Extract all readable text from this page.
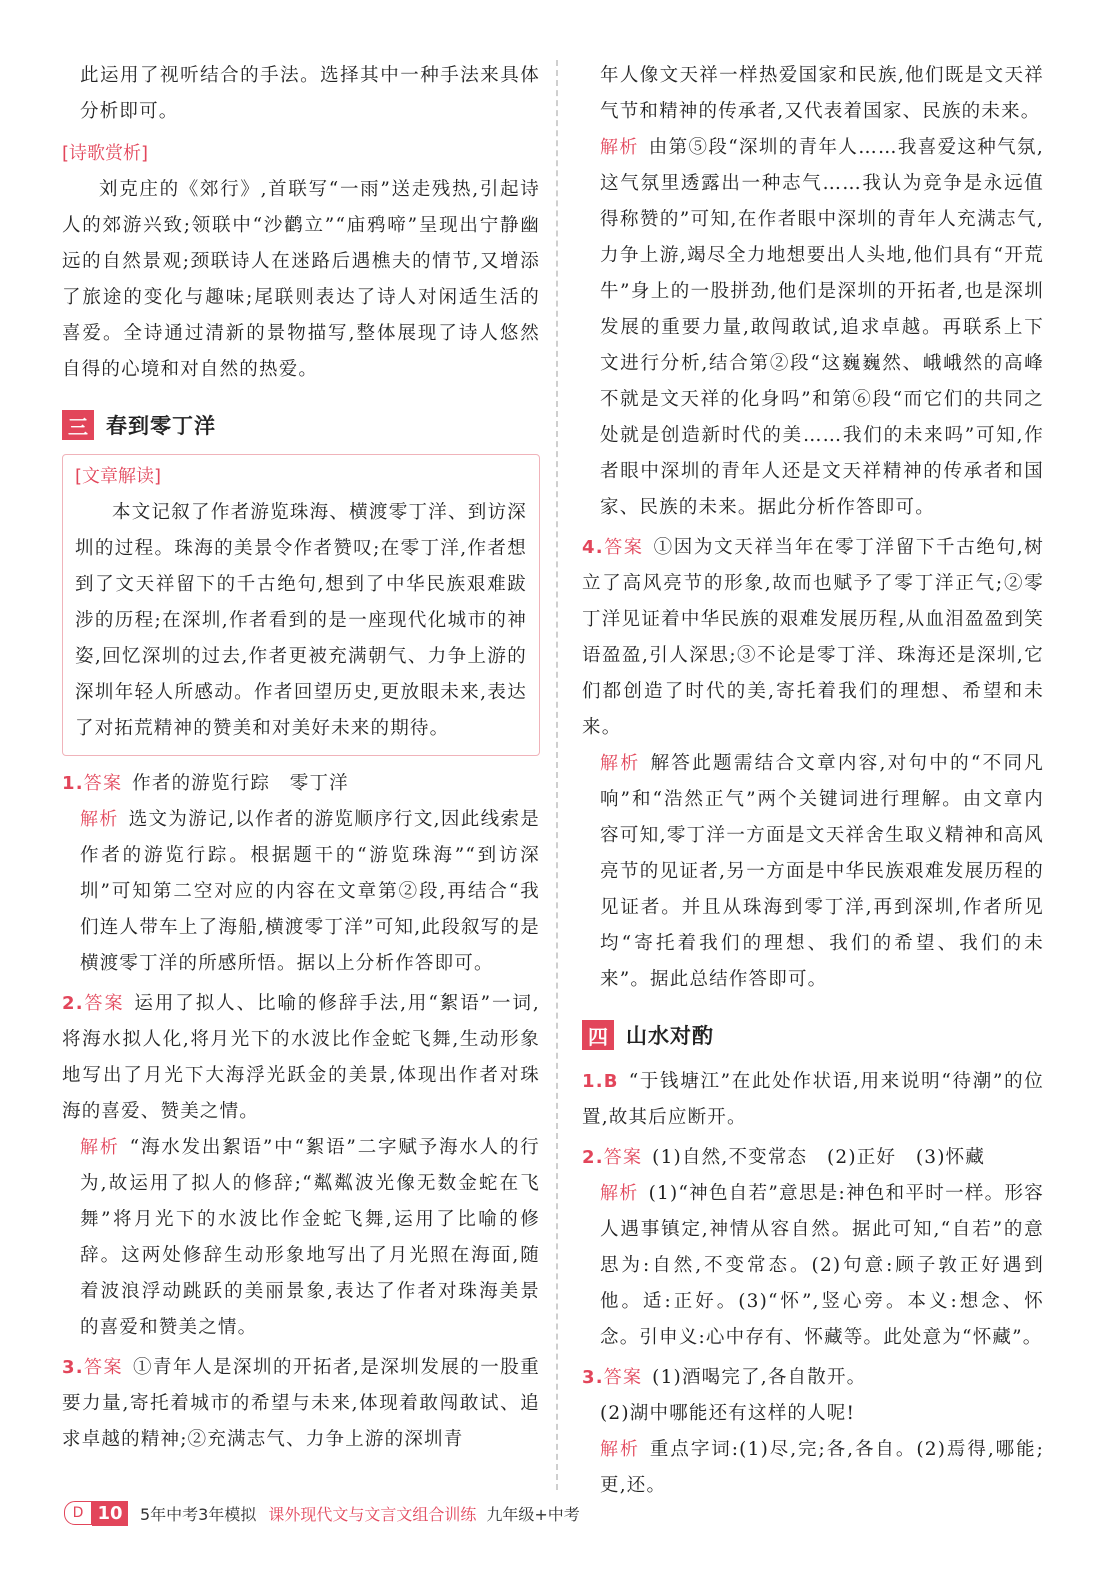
此运用了视听结合的手法。选择其中一种手法来具体分析即可。

[诗歌赏析]

刘克庄的《郊行》,首联写“一雨”送走残热,引起诗人的郊游兴致;领联中“沙鹳立”“庙鸦啼”呈现出宁静幽远的自然景观;颈联诗人在迷路后遇樵夫的情节,又增添了旅途的变化与趣味;尾联则表达了诗人对闲适生活的喜爱。全诗通过清新的景物描写,整体展现了诗人悠然自得的心境和对自然的热爱。

三 春到零丁洋
[文章解读]

本文记叙了作者游览珠海、横渡零丁洋、到访深圳的过程。珠海的美景令作者赞叹;在零丁洋,作者想到了文天祥留下的千古绝句,想到了中华民族艰难跋涉的历程;在深圳,作者看到的是一座现代化城市的神姿,回忆深圳的过去,作者更被充满朝气、力争上游的深圳年轻人所感动。作者回望历史,更放眼未来,表达了对拓荒精神的赞美和对美好未来的期待。

1.答案 作者的游览行踪　零丁洋

解析 选文为游记,以作者的游览顺序行文,因此线索是作者的游览行踪。根据题干的“游览珠海”“到访深圳”可知第二空对应的内容在文章第②段,再结合“我们连人带车上了海船,横渡零丁洋”可知,此段叙写的是横渡零丁洋的所感所悟。据以上分析作答即可。

2.答案 运用了拟人、比喻的修辞手法,用“絮语”一词,将海水拟人化,将月光下的水波比作金蛇飞舞,生动形象地写出了月光下大海浮光跃金的美景,体现出作者对珠海的喜爱、赞美之情。

解析 “海水发出絮语”中“絮语”二字赋予海水人的行为,故运用了拟人的修辞;“粼粼波光像无数金蛇在飞舞”将月光下的水波比作金蛇飞舞,运用了比喻的修辞。这两处修辞生动形象地写出了月光照在海面,随着波浪浮动跳跃的美丽景象,表达了作者对珠海美景的喜爱和赞美之情。

3.答案 ①青年人是深圳的开拓者,是深圳发展的一股重要力量,寄托着城市的希望与未来,体现着敢闯敢试、追求卓越的精神;②充满志气、力争上游的深圳青

年人像文天祥一样热爱国家和民族,他们既是文天祥气节和精神的传承者,又代表着国家、民族的未来。

解析 由第⑤段“深圳的青年人……我喜爱这种气氛,这气氛里透露出一种志气……我认为竞争是永远值得称赞的”可知,在作者眼中深圳的青年人充满志气,力争上游,竭尽全力地想要出人头地,他们具有“开荒牛”身上的一股拼劲,他们是深圳的开拓者,也是深圳发展的重要力量,敢闯敢试,追求卓越。再联系上下文进行分析,结合第②段“这巍巍然、峨峨然的高峰不就是文天祥的化身吗”和第⑥段“而它们的共同之处就是创造新时代的美……我们的未来吗”可知,作者眼中深圳的青年人还是文天祥精神的传承者和国家、民族的未来。据此分析作答即可。

4.答案 ①因为文天祥当年在零丁洋留下千古绝句,树立了高风亮节的形象,故而也赋予了零丁洋正气;②零丁洋见证着中华民族的艰难发展历程,从血泪盈盈到笑语盈盈,引人深思;③不论是零丁洋、珠海还是深圳,它们都创造了时代的美,寄托着我们的理想、希望和未来。

解析 解答此题需结合文章内容,对句中的“不同凡响”和“浩然正气”两个关键词进行理解。由文章内容可知,零丁洋一方面是文天祥舍生取义精神和高风亮节的见证者,另一方面是中华民族艰难发展历程的见证者。并且从珠海到零丁洋,再到深圳,作者所见均“寄托着我们的理想、我们的希望、我们的未来”。据此总结作答即可。

四 山水对酌

1.B “于钱塘江”在此处作状语,用来说明“待潮”的位置,故其后应断开。

2.答案 (1)自然,不变常态　(2)正好　(3)怀藏

解析 (1)“神色自若”意思是:神色和平时一样。形容人遇事镇定,神情从容自然。据此可知,“自若”的意思为:自然,不变常态。(2)句意:顾子敦正好遇到他。适:正好。(3)“怀”,竖心旁。本义:想念、怀念。引申义:心中存有、怀藏等。此处意为“怀藏”。

3.答案 (1)酒喝完了,各自散开。

(2)湖中哪能还有这样的人呢!

解析 重点字词:(1)尽,完;各,各自。(2)焉得,哪能;更,还。

D 10	5年中考3年模拟 课外现代文与文言文组合训练 九年级+中考
